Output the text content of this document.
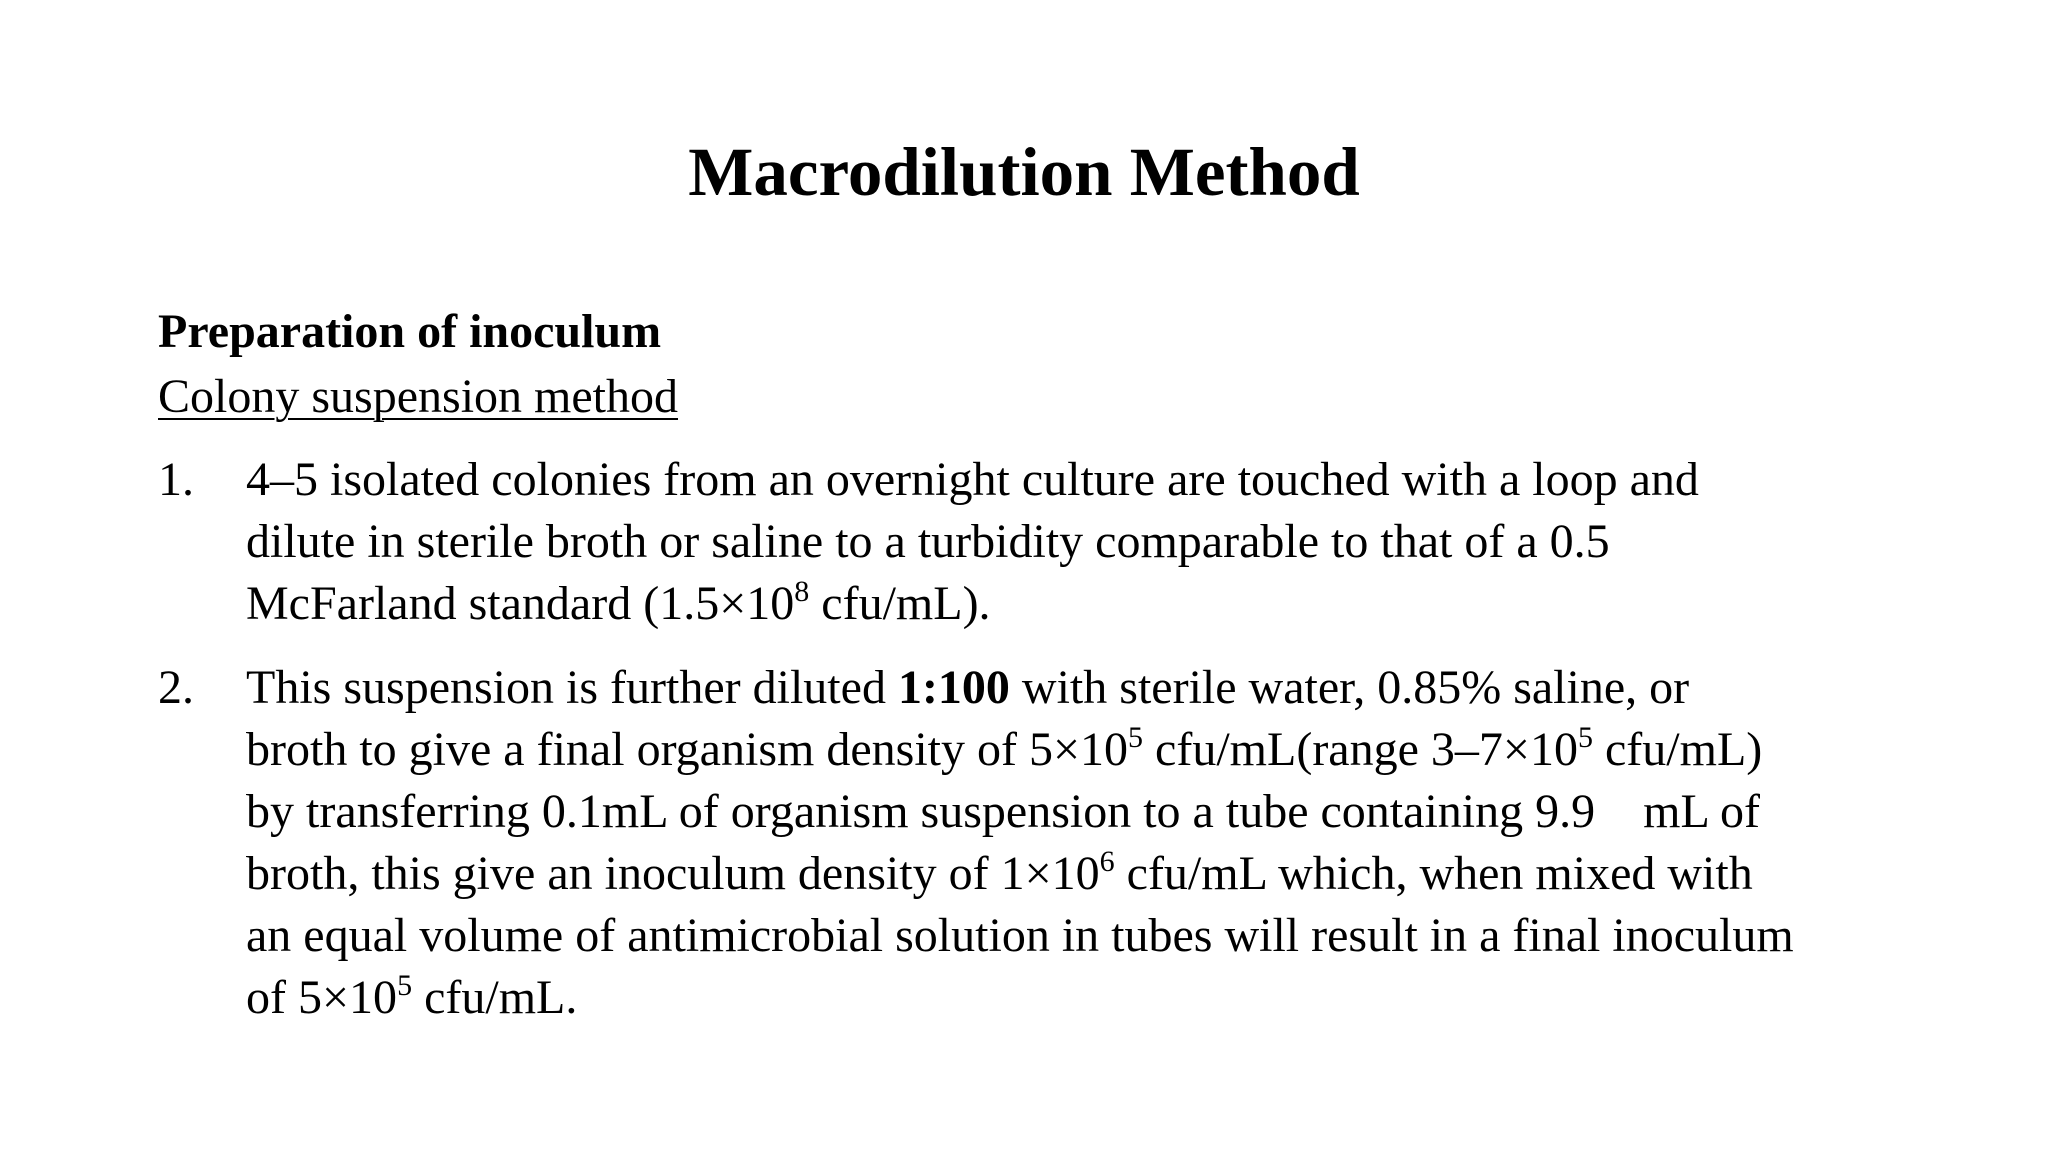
Macrodilution Method

Preparation of inoculum

Colony suspension method

1. 4–5 isolated colonies from an overnight culture are touched with a loop and
dilute in sterile broth or saline to a turbidity comparable to that of a 0.5
McFarland standard ($1.5\times 10^8$ cfu/mL).
2. This suspension is further diluted 1:100 with sterile water, 0.85% saline, or
broth to give a final organism density of $5\times 10^5$ cfu/mL(range $3-7\times 10^5$ cfu/mL)
by transferring 0.1mL of organism suspension to a tube containing 9.9    mL of
broth, this give an inoculum density of $1\times 10^6$ cfu/mL which, when mixed with
an equal volume of antimicrobial solution in tubes will result in a final inoculum
of $5\times 10^5$ cfu/mL.
